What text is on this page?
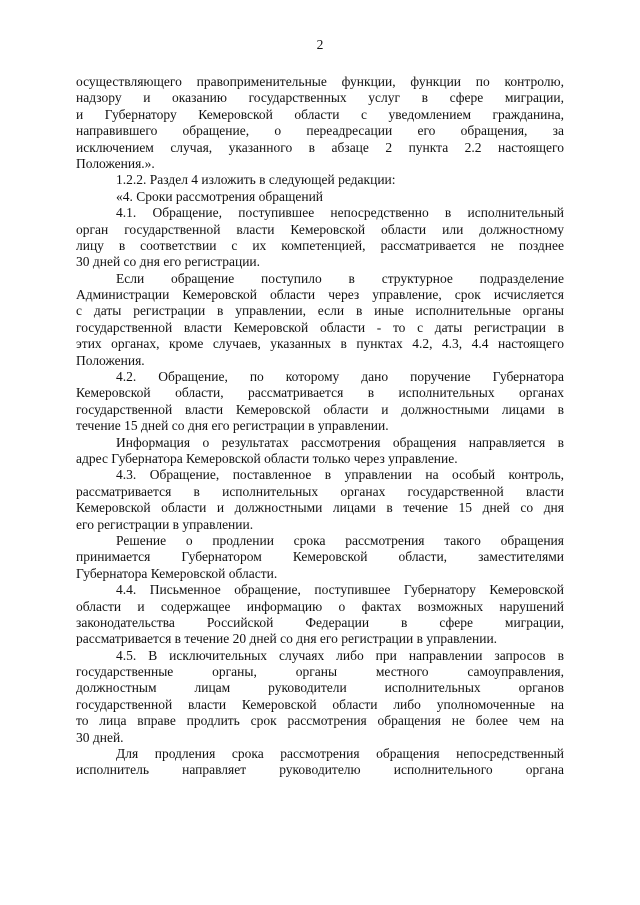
2
осуществляющего правоприменительные функции, функции по контролю,
надзору и оказанию государственных услуг в сфере миграции,
и Губернатору Кемеровской области с уведомлением гражданина,
направившего обращение, о переадресации его обращения, за
исключением случая, указанного в абзаце 2 пункта 2.2 настоящего
Положения.».
1.2.2. Раздел 4 изложить в следующей редакции:
«4. Сроки рассмотрения обращений
4.1. Обращение, поступившее непосредственно в исполнительный
орган государственной власти Кемеровской области или должностному
лицу в соответствии с их компетенцией, рассматривается не позднее
30 дней со дня его регистрации.
Если обращение поступило в структурное подразделение
Администрации Кемеровской области через управление, срок исчисляется
с даты регистрации в управлении, если в иные исполнительные органы
государственной власти Кемеровской области - то с даты регистрации в
этих органах, кроме случаев, указанных в пунктах 4.2, 4.3, 4.4 настоящего
Положения.
4.2. Обращение, по которому дано поручение Губернатора
Кемеровской области, рассматривается в исполнительных органах
государственной власти Кемеровской области и должностными лицами в
течение 15 дней со дня его регистрации в управлении.
Информация о результатах рассмотрения обращения направляется в
адрес Губернатора Кемеровской области только через управление.
4.3. Обращение, поставленное в управлении на особый контроль,
рассматривается в исполнительных органах государственной власти
Кемеровской области и должностными лицами в течение 15 дней со дня
его регистрации в управлении.
Решение о продлении срока рассмотрения такого обращения
принимается Губернатором Кемеровской области, заместителями
Губернатора Кемеровской области.
4.4. Письменное обращение, поступившее Губернатору Кемеровской
области и содержащее информацию о фактах возможных нарушений
законодательства Российской Федерации в сфере миграции,
рассматривается в течение 20 дней со дня его регистрации в управлении.
4.5. В исключительных случаях либо при направлении запросов в
государственные органы, органы местного самоуправления,
должностным лицам руководители исполнительных органов
государственной власти Кемеровской области либо уполномоченные на
то лица вправе продлить срок рассмотрения обращения не более чем на
30 дней.
Для продления срока рассмотрения обращения непосредственный
исполнитель направляет руководителю исполнительного органа
